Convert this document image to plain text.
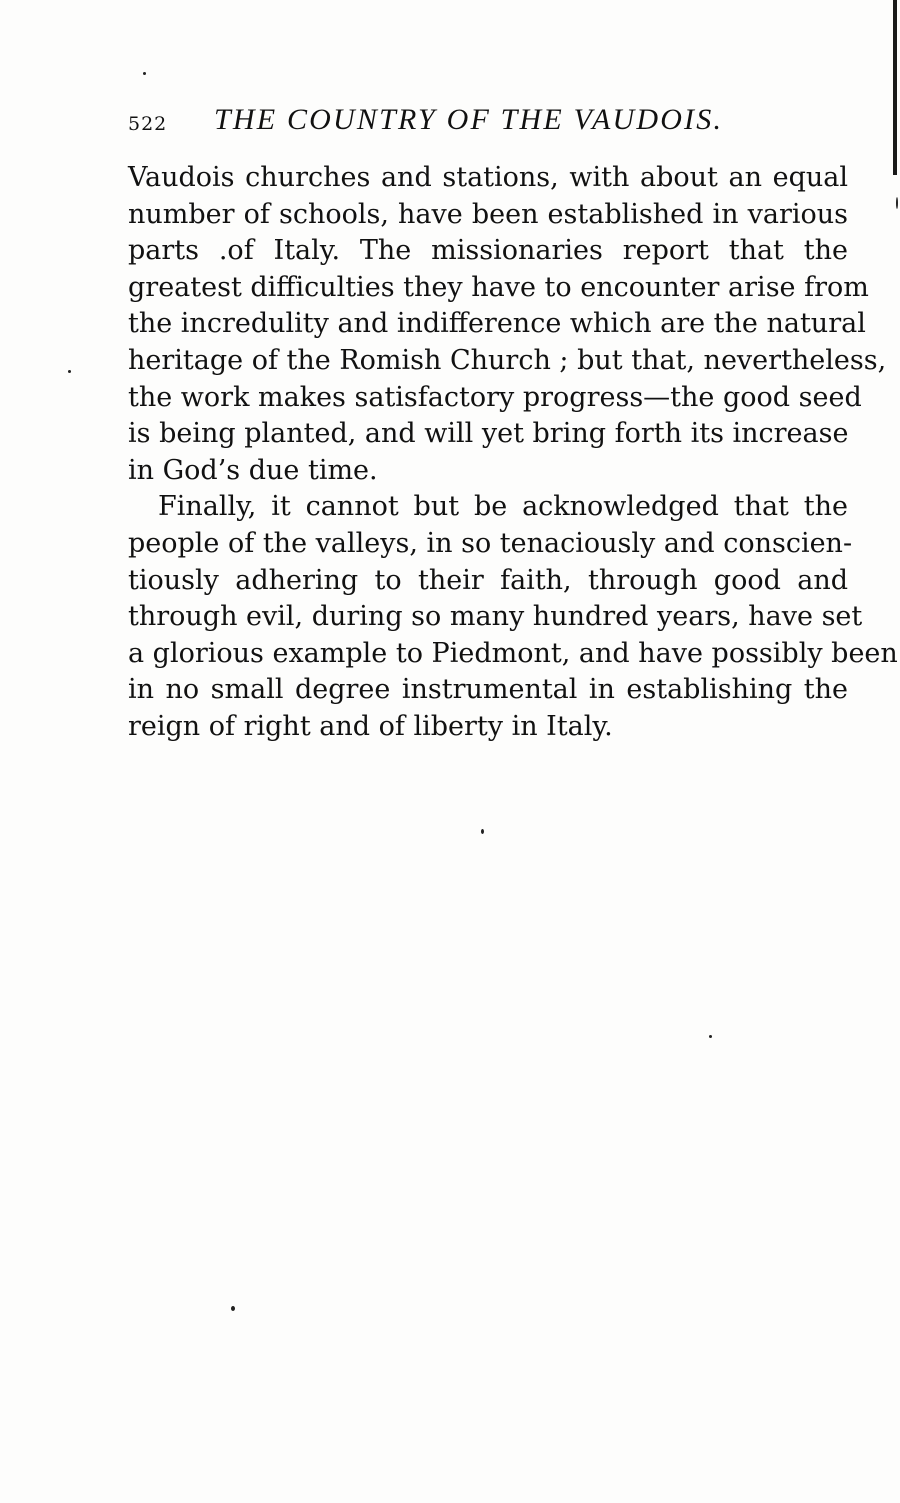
522 THE COUNTRY OF THE VAUDOIS.
Vaudois churches and stations, with about an equal
number of schools, have been established in various
parts .of Italy. The missionaries report that the
greatest difficulties they have to encounter arise from
the incredulity and indifference which are the natural
heritage of the Romish Church ; but that, nevertheless,
the work makes satisfactory progress—the good seed
is being planted, and will yet bring forth its increase
in God’s due time.
Finally, it cannot but be acknowledged that the
people of the valleys, in so tenaciously and conscien-
tiously adhering to their faith, through good and
through evil, during so many hundred years, have set
a glorious example to Piedmont, and have possibly been
in no small degree instrumental in establishing the
reign of right and of liberty in Italy.
